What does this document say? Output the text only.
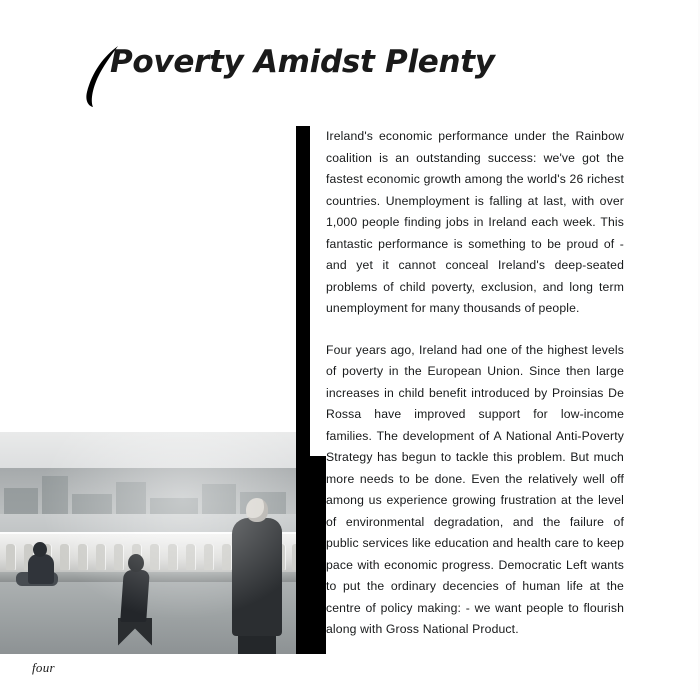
Poverty Amidst Plenty

Ireland's economic performance under the Rainbow coalition is an outstanding success: we've got the fastest economic growth among the world's 26 richest countries. Unemployment is falling at last, with over 1,000 people finding jobs in Ireland each week. This fantastic performance is something to be proud of - and yet it cannot conceal Ireland's deep-seated problems of child poverty, exclusion, and long term unemployment for many thousands of people.

Four years ago, Ireland had one of the highest levels of poverty in the European Union. Since then large increases in child benefit introduced by Proinsias De Rossa have improved support for low-income families. The development of A National Anti-Poverty Strategy has begun to tackle this problem. But much more needs to be done. Even the relatively well off among us experience growing frustration at the level of environmental degradation, and the failure of public services like education and health care to keep pace with economic progress. Democratic Left wants to put the ordinary decencies of human life at the centre of policy making: - we want people to flourish along with Gross National Product.

four
